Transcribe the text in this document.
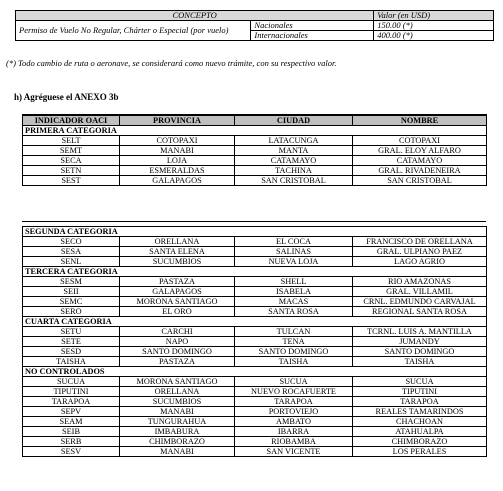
CONCEPTO		Valor (en USD)
Permiso de Vuelo No Regular, Chárter o Especial (por vuelo)	Nacionales	150.00 (*)
	Internacionales	400.00 (*)
(*) Todo cambio de ruta o aeronave, se considerará como nuevo trámite, con su respectivo valor.
h) Agréguese el ANEXO 3b
INDICADOR OACI	PROVINCIA	CIUDAD	NOMBRE
PRIMERA CATEGORIA			
SELT	COTOPAXI	LATACUNGA	COTOPAXI
SEMT	MANABI	MANTA	GRAL. ELOY ALFARO
SECA	LOJA	CATAMAYO	CATAMAYO
SETN	ESMERALDAS	TACHINA	GRAL. RIVADENEIRA
SEST	GALAPAGOS	SAN CRISTOBAL	SAN CRISTOBAL
SEGUNDA CATEGORIA			
SECO	ORELLANA	EL COCA	FRANCISCO DE ORELLANA
SESA	SANTA ELENA	SALINAS	GRAL. ULPIANO PAEZ
SENL	SUCUMBIOS	NUEVA LOJA	LAGO AGRIO
TERCERA CATEGORIA			
SESM	PASTAZA	SHELL	RIO AMAZONAS
SEII	GALAPAGOS	ISABELA	GRAL. VILLAMIL
SEMC	MORONA SANTIAGO	MACAS	CRNL. EDMUNDO CARVAJAL
SERO	EL ORO	SANTA ROSA	REGIONAL SANTA ROSA
CUARTA CATEGORIA			
SETU	CARCHI	TULCAN	TCRNL. LUIS A. MANTILLA
SETE	NAPO	TENA	JUMANDY
SESD	SANTO DOMINGO	SANTO DOMINGO	SANTO DOMINGO
TAISHA	PASTAZA	TAISHA	TAISHA
NO CONTROLADOS			
SUCUA	MORONA SANTIAGO	SUCUA	SUCUA
TIPUTINI	ORELLANA	NUEVO ROCAFUERTE	TIPUTINI
TARAPOA	SUCUMBIOS	TARAPOA	TARAPOA
SEPV	MANABI	PORTOVIEJO	REALES TAMARINDOS
SEAM	TUNGURAHUA	AMBATO	CHACHOAN
SEIB	IMBABURA	IBARRA	ATAHUALPA
SERB	CHIMBORAZO	RIOBAMBA	CHIMBORAZO
SESV	MANABI	SAN VICENTE	LOS PERALES
